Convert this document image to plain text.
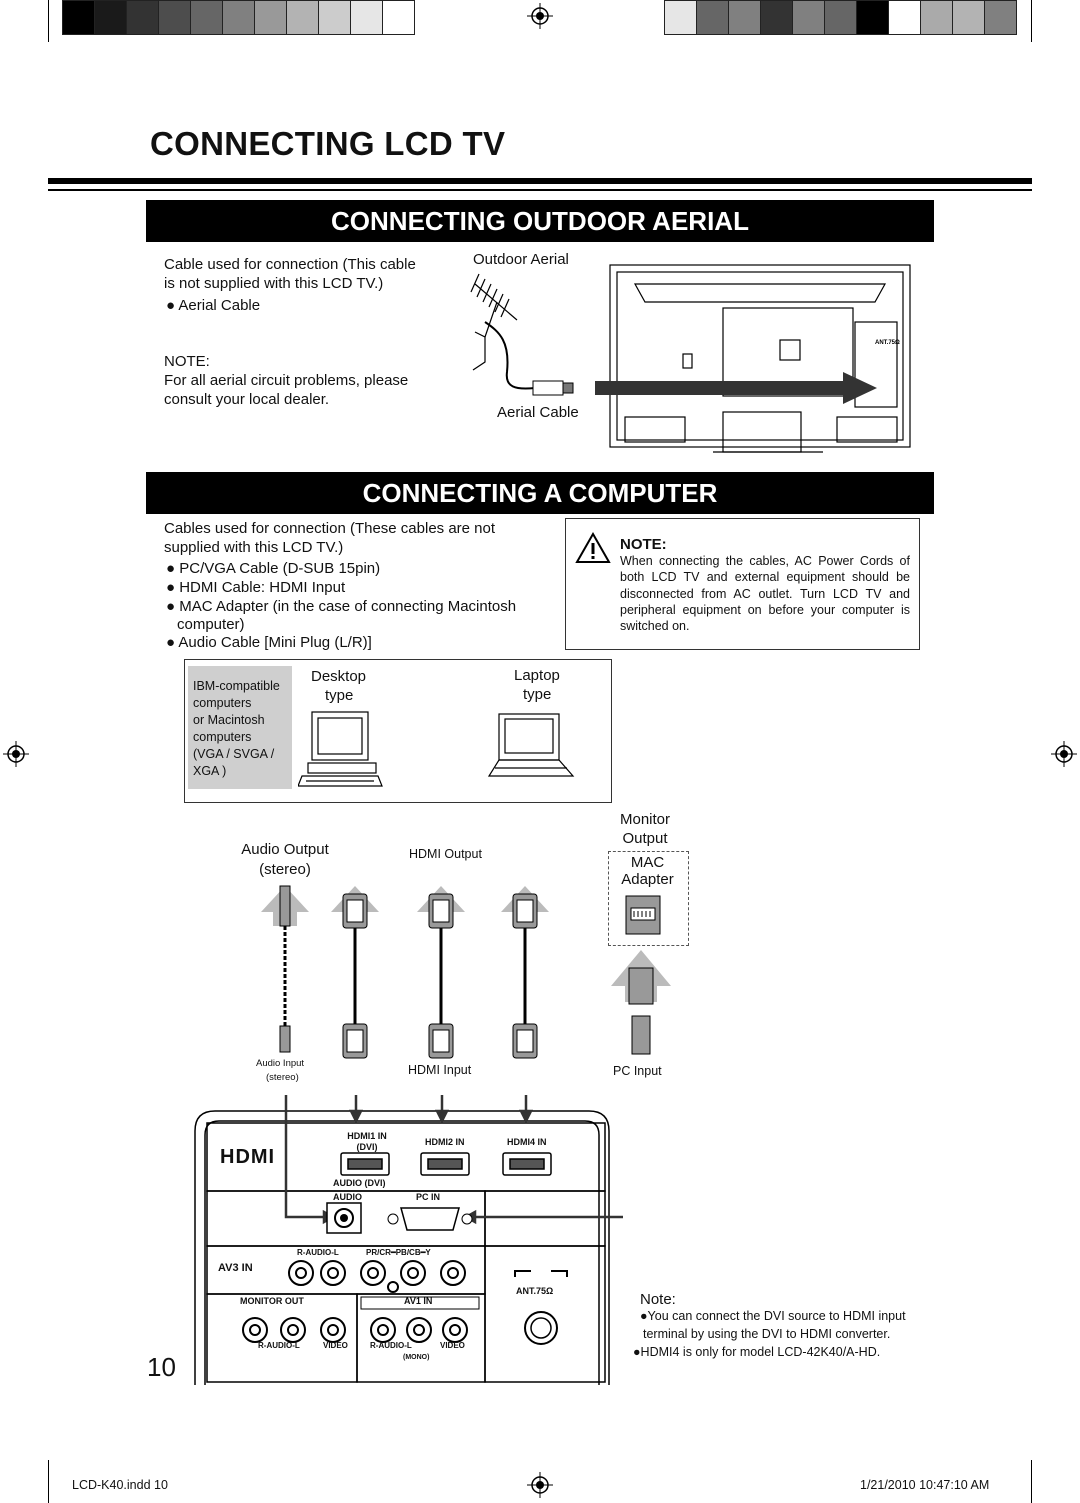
CONNECTING LCD TV
CONNECTING OUTDOOR AERIAL
Cable used for connection (This cable
is not supplied with this LCD TV.)
● Aerial Cable
NOTE:
For all aerial circuit problems, please
consult your local dealer.
Outdoor Aerial
Aerial Cable
ANT.75Ω
CONNECTING A COMPUTER
Cables used for connection (These cables are not
supplied with this LCD TV.)
● PC/VGA Cable (D-SUB 15pin)
● HDMI Cable: HDMI Input
● MAC Adapter (in the case of connecting Macintosh
computer)
● Audio Cable [Mini Plug (L/R)]
NOTE:
When connecting the cables, AC Power Cords of both LCD TV and external equipment should be disconnected from AC outlet. Turn LCD TV and peripheral equipment on before your computer is switched on.
IBM-compatible
computers
or Macintosh
computers
(VGA / SVGA /
XGA )
Desktop
type
Laptop
type
Audio Output
(stereo)
HDMI Output
Monitor
Output
MAC
Adapter
Audio Input
(stereo)
HDMI Input	PC Input
HDMI
HDMI1 IN
(DVI)	HDMI2 IN	HDMI4 IN
AUDIO (DVI)
AUDIO	PC IN
AV3 IN
R-AUDIO-L	PR/CR━PB/CB━Y
MONITOR OUT	AV1 IN
ANT.75Ω
R-AUDIO-L	VIDEO	R-AUDIO-L	VIDEO
(MONO)
Note:
●You can connect the DVI source to HDMI input
terminal by using the DVI to HDMI converter.
●HDMI4 is only for model LCD-42K40/A-HD.
10
LCD-K40.indd 10	1/21/2010 10:47:10 AM
